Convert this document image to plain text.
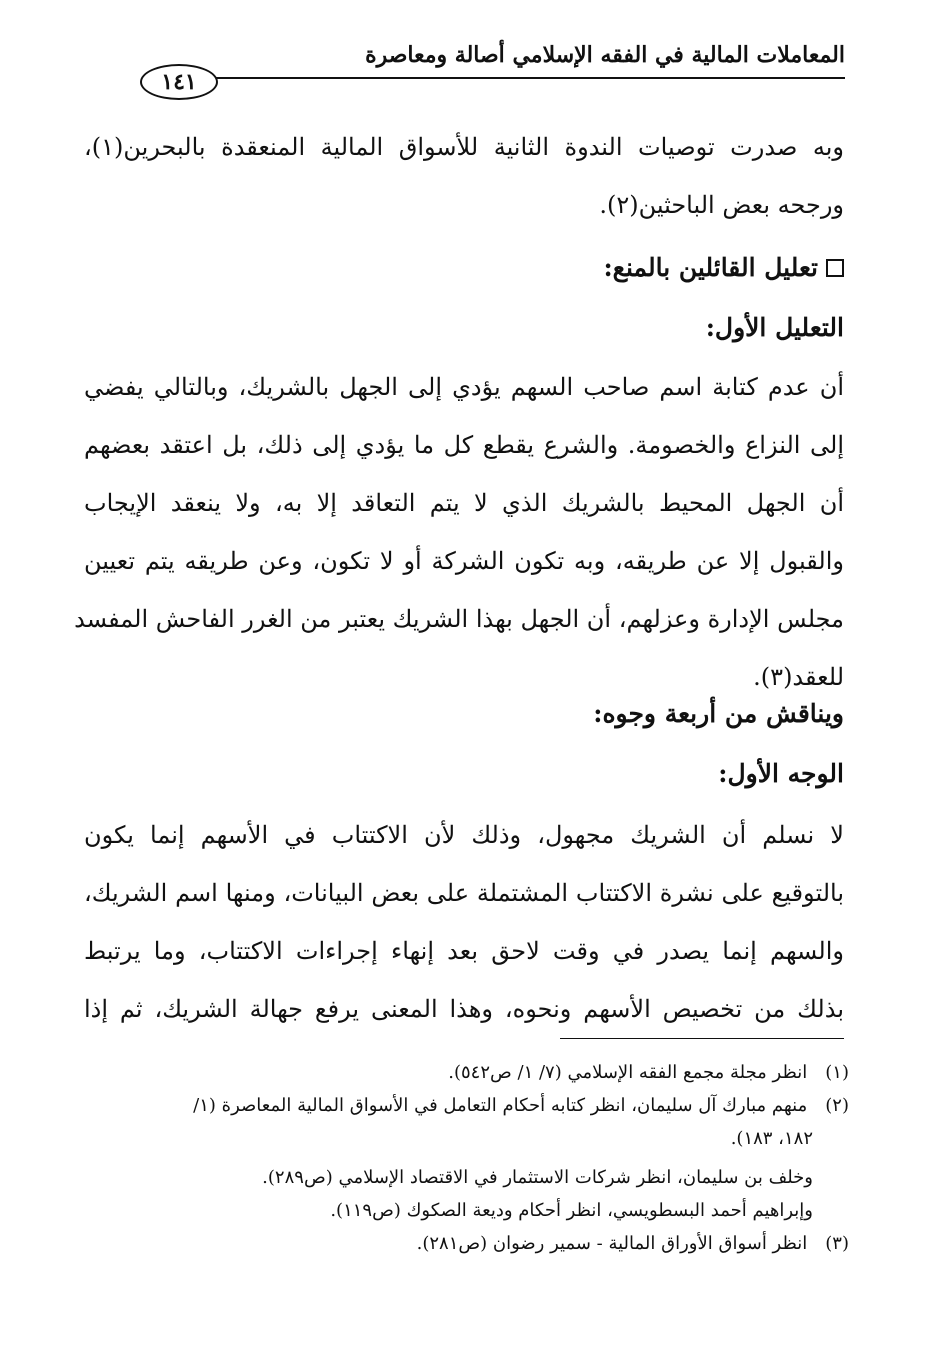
المعاملات المالية في الفقه الإسلامي أصالة ومعاصرة
١٤١
وبه صدرت توصيات الندوة الثانية للأسواق المالية المنعقدة بالبحرين(١)،
ورجحه بعض الباحثين(٢).
تعليل القائلين بالمنع:
التعليل الأول:
أن عدم كتابة اسم صاحب السهم يؤدي إلى الجهل بالشريك، وبالتالي يفضي
إلى النزاع والخصومة. والشرع يقطع كل ما يؤدي إلى ذلك، بل اعتقد بعضهم
أن الجهل المحيط بالشريك الذي لا يتم التعاقد إلا به، ولا ينعقد الإيجاب
والقبول إلا عن طريقه، وبه تكون الشركة أو لا تكون، وعن طريقه يتم تعيين
مجلس الإدارة وعزلهم، أن الجهل بهذا الشريك يعتبر من الغرر الفاحش المفسد
للعقد(٣).
ويناقش من أربعة وجوه:
الوجه الأول:
لا نسلم أن الشريك مجهول، وذلك لأن الاكتتاب في الأسهم إنما يكون
بالتوقيع على نشرة الاكتتاب المشتملة على بعض البيانات، ومنها اسم الشريك،
والسهم إنما يصدر في وقت لاحق بعد إنهاء إجراءات الاكتتاب، وما يرتبط
بذلك من تخصيص الأسهم ونحوه، وهذا المعنى يرفع جهالة الشريك، ثم إذا
(١) انظر مجلة مجمع الفقه الإسلامي (٧/ ١/ ص٥٤٢).
(٢) منهم مبارك آل سليمان، انظر كتابه أحكام التعامل في الأسواق المالية المعاصرة (١/
١٨٢، ١٨٣).
وخلف بن سليمان، انظر شركات الاستثمار في الاقتصاد الإسلامي (ص٢٨٩).
وإبراهيم أحمد البسطويسي، انظر أحكام وديعة الصكوك (ص١١٩).
(٣) انظر أسواق الأوراق المالية - سمير رضوان (ص٢٨١).
